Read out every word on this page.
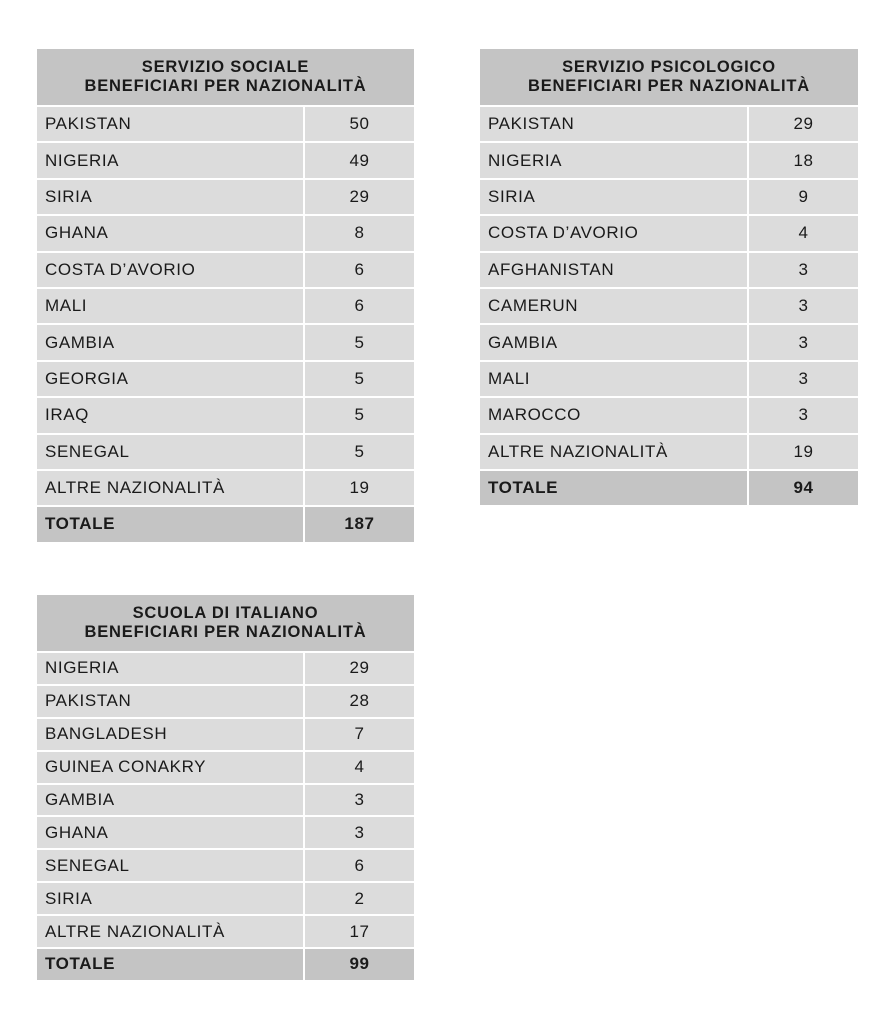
SERVIZIO SOCIALE
BENEFICIARI PER NAZIONALITÀ	

PAKISTAN	50
NIGERIA	49
SIRIA	29
GHANA	8
COSTA D’AVORIO	6
MALI	6
GAMBIA	5
GEORGIA	5
IRAQ	5
SENEGAL	5
ALTRE NAZIONALITÀ	19
TOTALE	187
SERVIZIO PSICOLOGICO
BENEFICIARI PER NAZIONALITÀ	

PAKISTAN	29
NIGERIA	18
SIRIA	9
COSTA D’AVORIO	4
AFGHANISTAN	3
CAMERUN	3
GAMBIA	3
MALI	3
MAROCCO	3
ALTRE NAZIONALITÀ	19
TOTALE	94
SCUOLA DI ITALIANO
BENEFICIARI PER NAZIONALITÀ	

NIGERIA	29
PAKISTAN	28
BANGLADESH	7
GUINEA CONAKRY	4
GAMBIA	3
GHANA	3
SENEGAL	6
SIRIA	2
ALTRE NAZIONALITÀ	17
TOTALE	99
